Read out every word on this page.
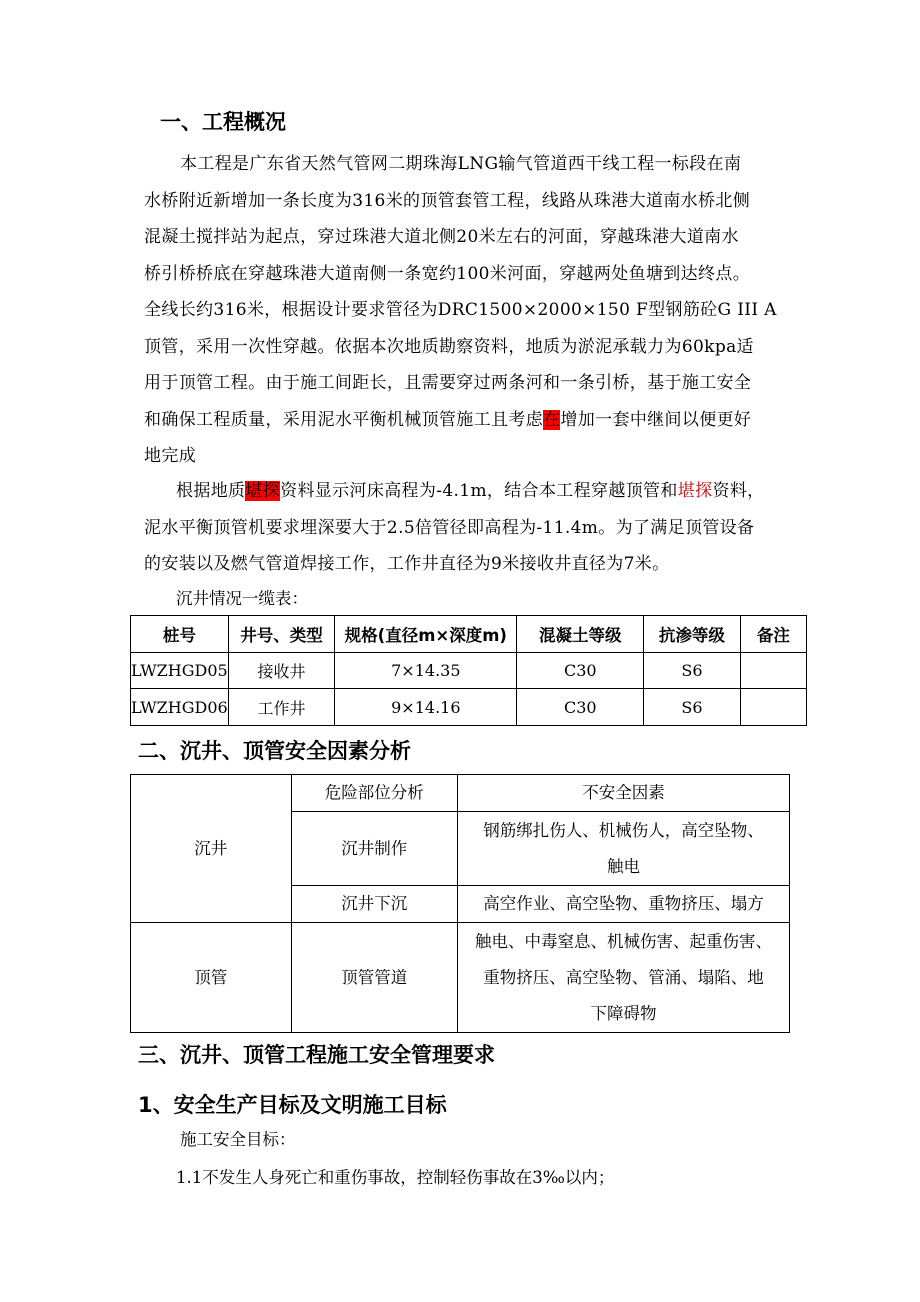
一、工程概况
本工程是广东省天然气管网二期珠海LNG输气管道西干线工程一标段在南
水桥附近新增加一条长度为316米的顶管套管工程，线路从珠港大道南水桥北侧
混凝土搅拌站为起点，穿过珠港大道北侧20米左右的河面，穿越珠港大道南水
桥引桥桥底在穿越珠港大道南侧一条宽约100米河面，穿越两处鱼塘到达终点。
全线长约316米，根据设计要求管径为DRC1500×2000×150 F型钢筋砼G III A
顶管，采用一次性穿越。依据本次地质勘察资料，地质为淤泥承载力为60kpa适
用于顶管工程。由于施工间距长，且需要穿过两条河和一条引桥，基于施工安全
和确保工程质量，采用泥水平衡机械顶管施工且考虑在增加一套中继间以便更好
地完成
根据地质堪探资料显示河床高程为-4.1m，结合本工程穿越顶管和堪探资料，
泥水平衡顶管机要求埋深要大于2.5倍管径即高程为-11.4m。为了满足顶管设备
的安装以及燃气管道焊接工作，工作井直径为9米接收井直径为7米。
沉井情况一缆表：
桩号	井号、类型	规格(直径m×深度m)	混凝土等级	抗渗等级	备注
LWZHGD05	接收井	7×14.35	C30	S6	
LWZHGD06	工作井	9×14.16	C30	S6	
二、沉井、顶管安全因素分析
沉井	危险部位分析	不安全因素
	沉井制作	钢筋绑扎伤人、机械伤人，高空坠物、
触电

	沉井下沉	高空作业、高空坠物、重物挤压、塌方
顶管	顶管管道	触电、中毒窒息、机械伤害、起重伤害、
重物挤压、高空坠物、管涌、塌陷、地
下障碍物
三、沉井、顶管工程施工安全管理要求
1、安全生产目标及文明施工目标
施工安全目标：
1.1不发生人身死亡和重伤事故，控制轻伤事故在3‰以内；
